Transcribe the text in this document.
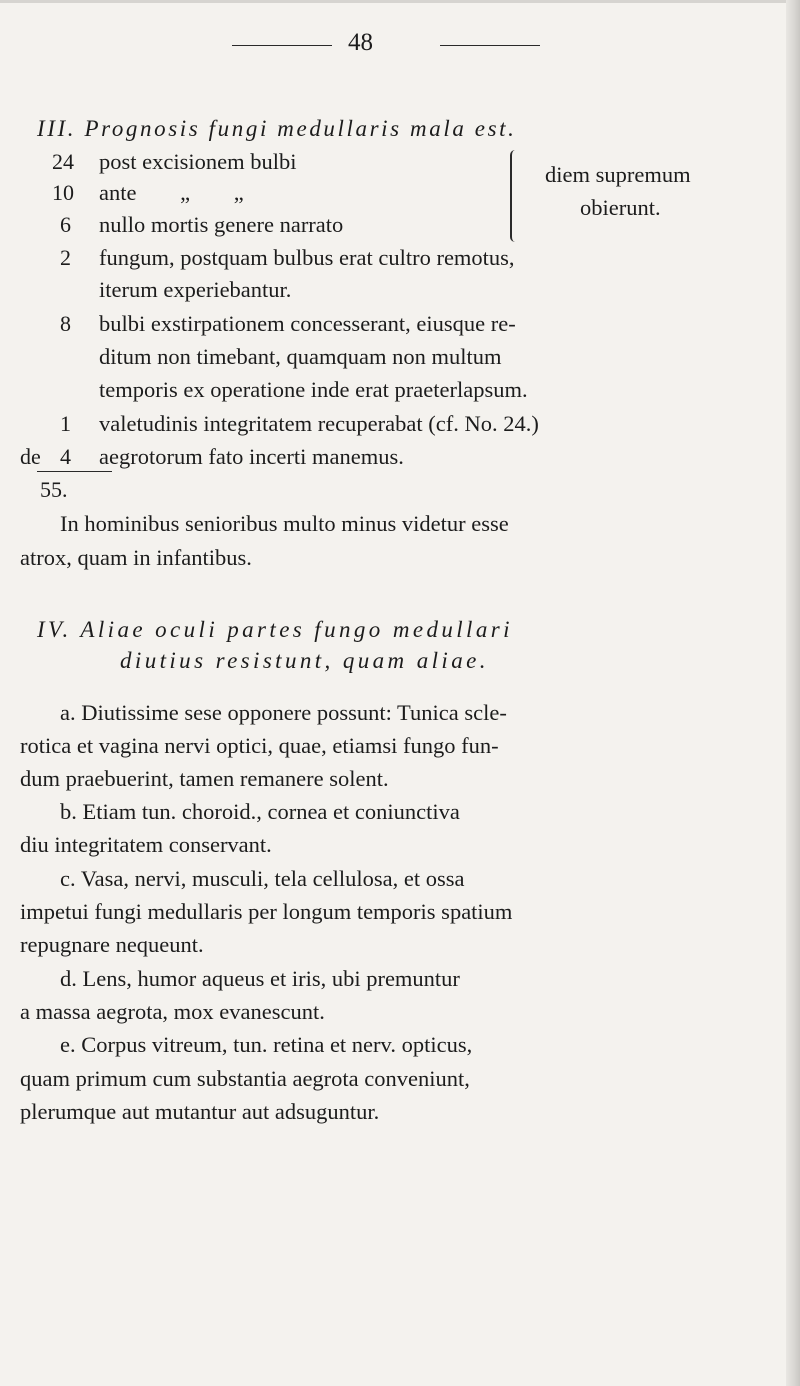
48
III. Prognosis fungi medullaris mala est.
24 post excisionem bulbi
10 ante „ „
6 nullo mortis genere narrato
diem supremum
obierunt.
2 fungum, postquam bulbus erat cultro remotus,
iterum experiebantur.
8 bulbi exstirpationem concesserant, eiusque re-
ditum non timebant, quamquam non multum
temporis ex operatione inde erat praeterlapsum.
1 valetudinis integritatem recuperabat (cf. No. 24.)
de 4 aegrotorum fato incerti manemus.
55.
In hominibus senioribus multo minus videtur esse
atrox, quam in infantibus.
IV. Aliae oculi partes fungo medullari
diutius resistunt, quam aliae.
a. Diutissime sese opponere possunt: Tunica scle-
rotica et vagina nervi optici, quae, etiamsi fungo fun-
dum praebuerint, tamen remanere solent.
b. Etiam tun. choroid., cornea et coniunctiva
diu integritatem conservant.
c. Vasa, nervi, musculi, tela cellulosa, et ossa
impetui fungi medullaris per longum temporis spatium
repugnare nequeunt.
d. Lens, humor aqueus et iris, ubi premuntur
a massa aegrota, mox evanescunt.
e. Corpus vitreum, tun. retina et nerv. opticus,
quam primum cum substantia aegrota conveniunt,
plerumque aut mutantur aut adsuguntur.
